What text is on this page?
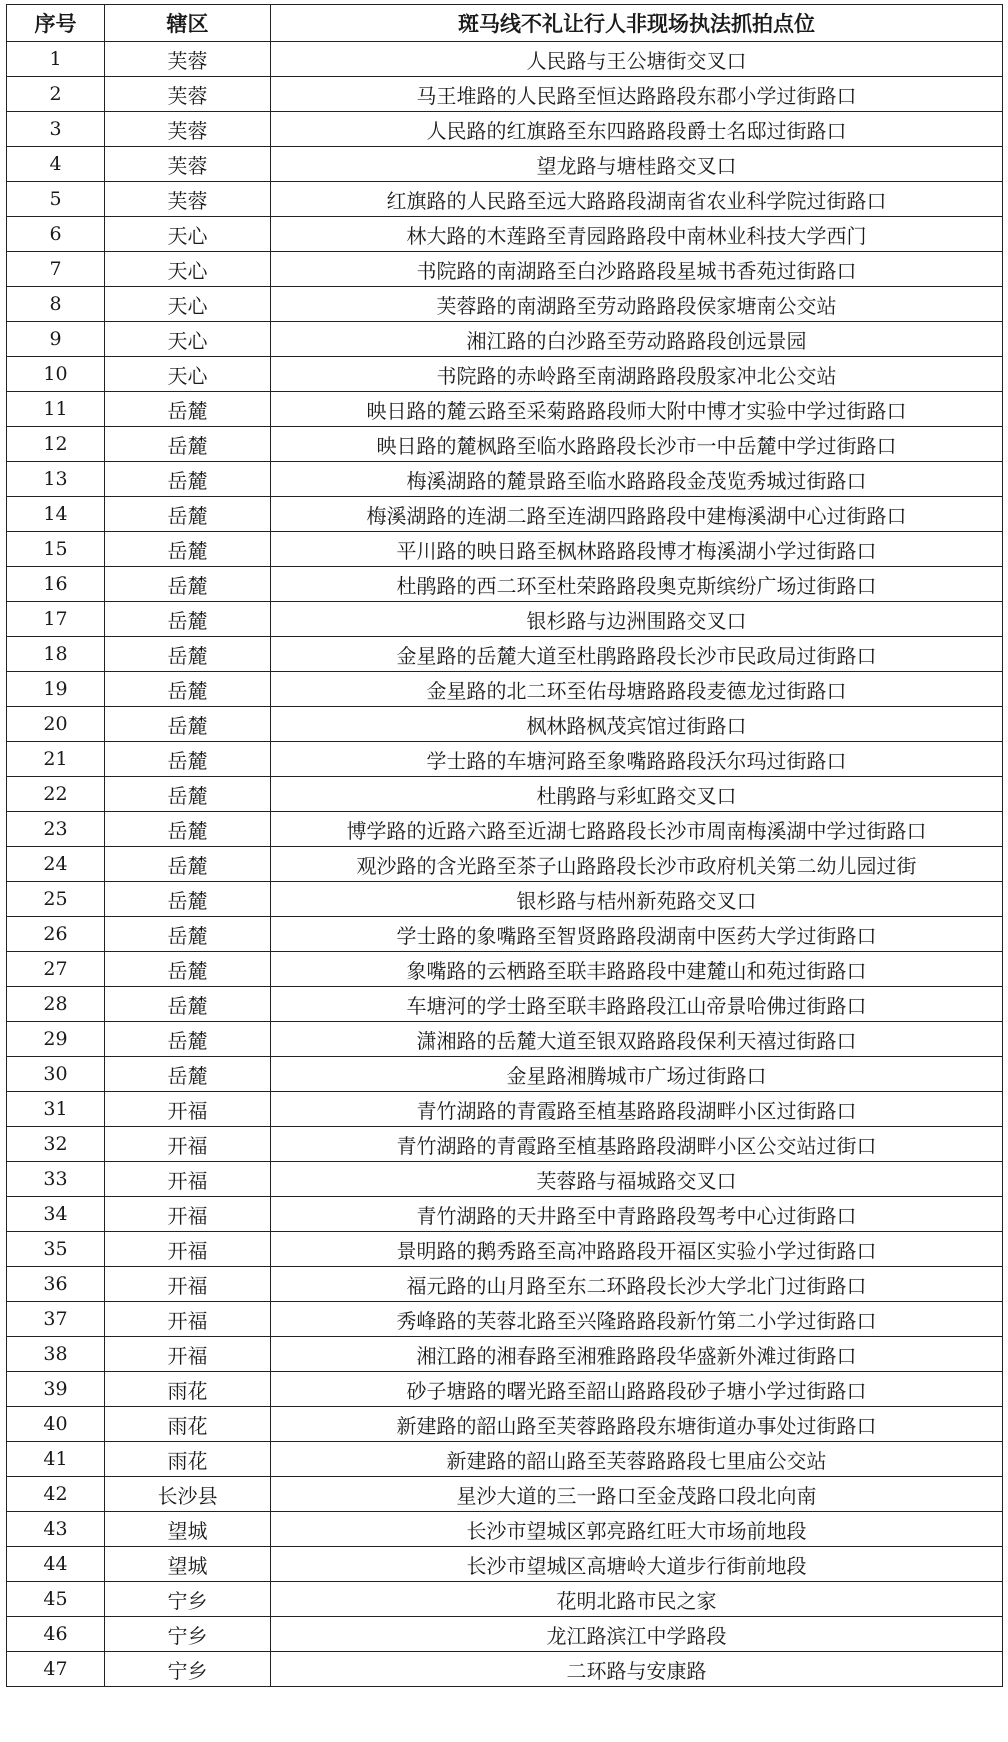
序号	辖区	斑马线不礼让行人非现场执法抓拍点位
1	芙蓉	人民路与王公塘街交叉口
2	芙蓉	马王堆路的人民路至恒达路路段东郡小学过街路口
3	芙蓉	人民路的红旗路至东四路路段爵士名邸过街路口
4	芙蓉	望龙路与塘桂路交叉口
5	芙蓉	红旗路的人民路至远大路路段湖南省农业科学院过街路口
6	天心	林大路的木莲路至青园路路段中南林业科技大学西门
7	天心	书院路的南湖路至白沙路路段星城书香苑过街路口
8	天心	芙蓉路的南湖路至劳动路路段侯家塘南公交站
9	天心	湘江路的白沙路至劳动路路段创远景园
10	天心	书院路的赤岭路至南湖路路段殷家冲北公交站
11	岳麓	映日路的麓云路至采菊路路段师大附中博才实验中学过街路口
12	岳麓	映日路的麓枫路至临水路路段长沙市一中岳麓中学过街路口
13	岳麓	梅溪湖路的麓景路至临水路路段金茂览秀城过街路口
14	岳麓	梅溪湖路的连湖二路至连湖四路路段中建梅溪湖中心过街路口
15	岳麓	平川路的映日路至枫林路路段博才梅溪湖小学过街路口
16	岳麓	杜鹃路的西二环至杜荣路路段奥克斯缤纷广场过街路口
17	岳麓	银杉路与边洲围路交叉口
18	岳麓	金星路的岳麓大道至杜鹃路路段长沙市民政局过街路口
19	岳麓	金星路的北二环至佑母塘路路段麦德龙过街路口
20	岳麓	枫林路枫茂宾馆过街路口
21	岳麓	学士路的车塘河路至象嘴路路段沃尔玛过街路口
22	岳麓	杜鹃路与彩虹路交叉口
23	岳麓	博学路的近路六路至近湖七路路段长沙市周南梅溪湖中学过街路口
24	岳麓	观沙路的含光路至茶子山路路段长沙市政府机关第二幼儿园过街
25	岳麓	银杉路与桔州新苑路交叉口
26	岳麓	学士路的象嘴路至智贤路路段湖南中医药大学过街路口
27	岳麓	象嘴路的云栖路至联丰路路段中建麓山和苑过街路口
28	岳麓	车塘河的学士路至联丰路路段江山帝景哈佛过街路口
29	岳麓	潇湘路的岳麓大道至银双路路段保利天禧过街路口
30	岳麓	金星路湘腾城市广场过街路口
31	开福	青竹湖路的青霞路至植基路路段湖畔小区过街路口
32	开福	青竹湖路的青霞路至植基路路段湖畔小区公交站过街口
33	开福	芙蓉路与福城路交叉口
34	开福	青竹湖路的天井路至中青路路段驾考中心过街路口
35	开福	景明路的鹅秀路至高冲路路段开福区实验小学过街路口
36	开福	福元路的山月路至东二环路段长沙大学北门过街路口
37	开福	秀峰路的芙蓉北路至兴隆路路段新竹第二小学过街路口
38	开福	湘江路的湘春路至湘雅路路段华盛新外滩过街路口
39	雨花	砂子塘路的曙光路至韶山路路段砂子塘小学过街路口
40	雨花	新建路的韶山路至芙蓉路路段东塘街道办事处过街路口
41	雨花	新建路的韶山路至芙蓉路路段七里庙公交站
42	长沙县	星沙大道的三一路口至金茂路口段北向南
43	望城	长沙市望城区郭亮路红旺大市场前地段
44	望城	长沙市望城区高塘岭大道步行街前地段
45	宁乡	花明北路市民之家
46	宁乡	龙江路滨江中学路段
47	宁乡	二环路与安康路
